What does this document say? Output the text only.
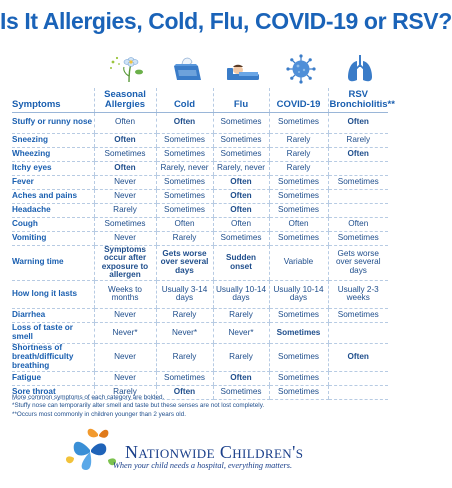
Is It Allergies, Cold, Flu, COVID-19 or RSV?
Symptoms	Seasonal Allergies	Cold	Flu	COVID-19	RSV Bronchiolitis**
Stuffy or runny nose	Often	Often	Sometimes	Sometimes	Often
Sneezing	Often	Sometimes	Sometimes	Rarely	Rarely
Wheezing	Sometimes	Sometimes	Sometimes	Rarely	Often
Itchy eyes	Often	Rarely, never	Rarely, never	Rarely	
Fever	Never	Sometimes	Often	Sometimes	Sometimes
Aches and pains	Never	Sometimes	Often	Sometimes	
Headache	Rarely	Sometimes	Often	Sometimes	
Cough	Sometimes	Often	Often	Often	Often
Vomiting	Never	Rarely	Sometimes	Sometimes	Sometimes
Warning time	Symptoms occur after exposure to allergen	Gets worse over several days	Sudden onset	Variable	Gets worse over several days
How long it lasts	Weeks to months	Usually 3-14 days	Usually 10-14 days	Usually 10-14 days	Usually 2-3 weeks
Diarrhea	Never	Rarely	Rarely	Sometimes	Sometimes
Loss of taste or smell	Never*	Never*	Never*	Sometimes	
Shortness of breath/difficulty breathing	Never	Rarely	Rarely	Sometimes	Often
Fatigue	Never	Sometimes	Often	Sometimes	
Sore throat	Rarely	Often	Sometimes	Sometimes	
More common symptoms of each category are bolded.
*Stuffy nose can temporarily alter smell and taste but these senses are not lost completely.
**Occurs most commonly in children younger than 2 years old.
Nationwide Children's
When your child needs a hospital, everything matters.
